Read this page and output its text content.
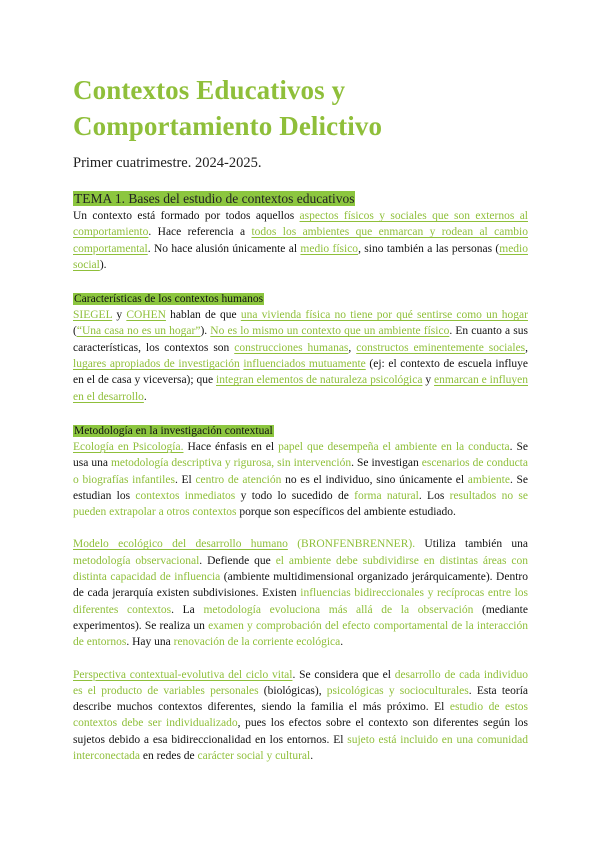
Contextos Educativos y Comportamiento Delictivo
Primer cuatrimestre. 2024-2025.
TEMA 1. Bases del estudio de contextos educativos

Un contexto está formado por todos aquellos aspectos físicos y sociales que son externos al comportamiento. Hace referencia a todos los ambientes que enmarcan y rodean al cambio comportamental. No hace alusión únicamente al medio físico, sino también a las personas (medio social).

Características de los contextos humanos

SIEGEL y COHEN hablan de que una vivienda física no tiene por qué sentirse como un hogar (“Una casa no es un hogar”). No es lo mismo un contexto que un ambiente físico. En cuanto a sus características, los contextos son construcciones humanas, constructos eminentemente sociales, lugares apropiados de investigación influenciados mutuamente (ej: el contexto de escuela influye en el de casa y viceversa); que integran elementos de naturaleza psicológica y enmarcan e influyen en el desarrollo.

Metodología en la investigación contextual

Ecología en Psicología. Hace énfasis en el papel que desempeña el ambiente en la conducta. Se usa una metodología descriptiva y rigurosa, sin intervención. Se investigan escenarios de conducta o biografías infantiles. El centro de atención no es el individuo, sino únicamente el ambiente. Se estudian los contextos inmediatos y todo lo sucedido de forma natural. Los resultados no se pueden extrapolar a otros contextos porque son específicos del ambiente estudiado.

Modelo ecológico del desarrollo humano (BRONFENBRENNER). Utiliza también una metodología observacional. Defiende que el ambiente debe subdividirse en distintas áreas con distinta capacidad de influencia (ambiente multidimensional organizado jerárquicamente). Dentro de cada jerarquía existen subdivisiones. Existen influencias bidireccionales y recíprocas entre los diferentes contextos. La metodología evoluciona más allá de la observación (mediante experimentos). Se realiza un examen y comprobación del efecto comportamental de la interacción de entornos. Hay una renovación de la corriente ecológica.

Perspectiva contextual-evolutiva del ciclo vital. Se considera que el desarrollo de cada individuo es el producto de variables personales (biológicas), psicológicas y socioculturales. Esta teoría describe muchos contextos diferentes, siendo la familia el más próximo. El estudio de estos contextos debe ser individualizado, pues los efectos sobre el contexto son diferentes según los sujetos debido a esa bidireccionalidad en los entornos. El sujeto está incluido en una comunidad interconectada en redes de carácter social y cultural.
